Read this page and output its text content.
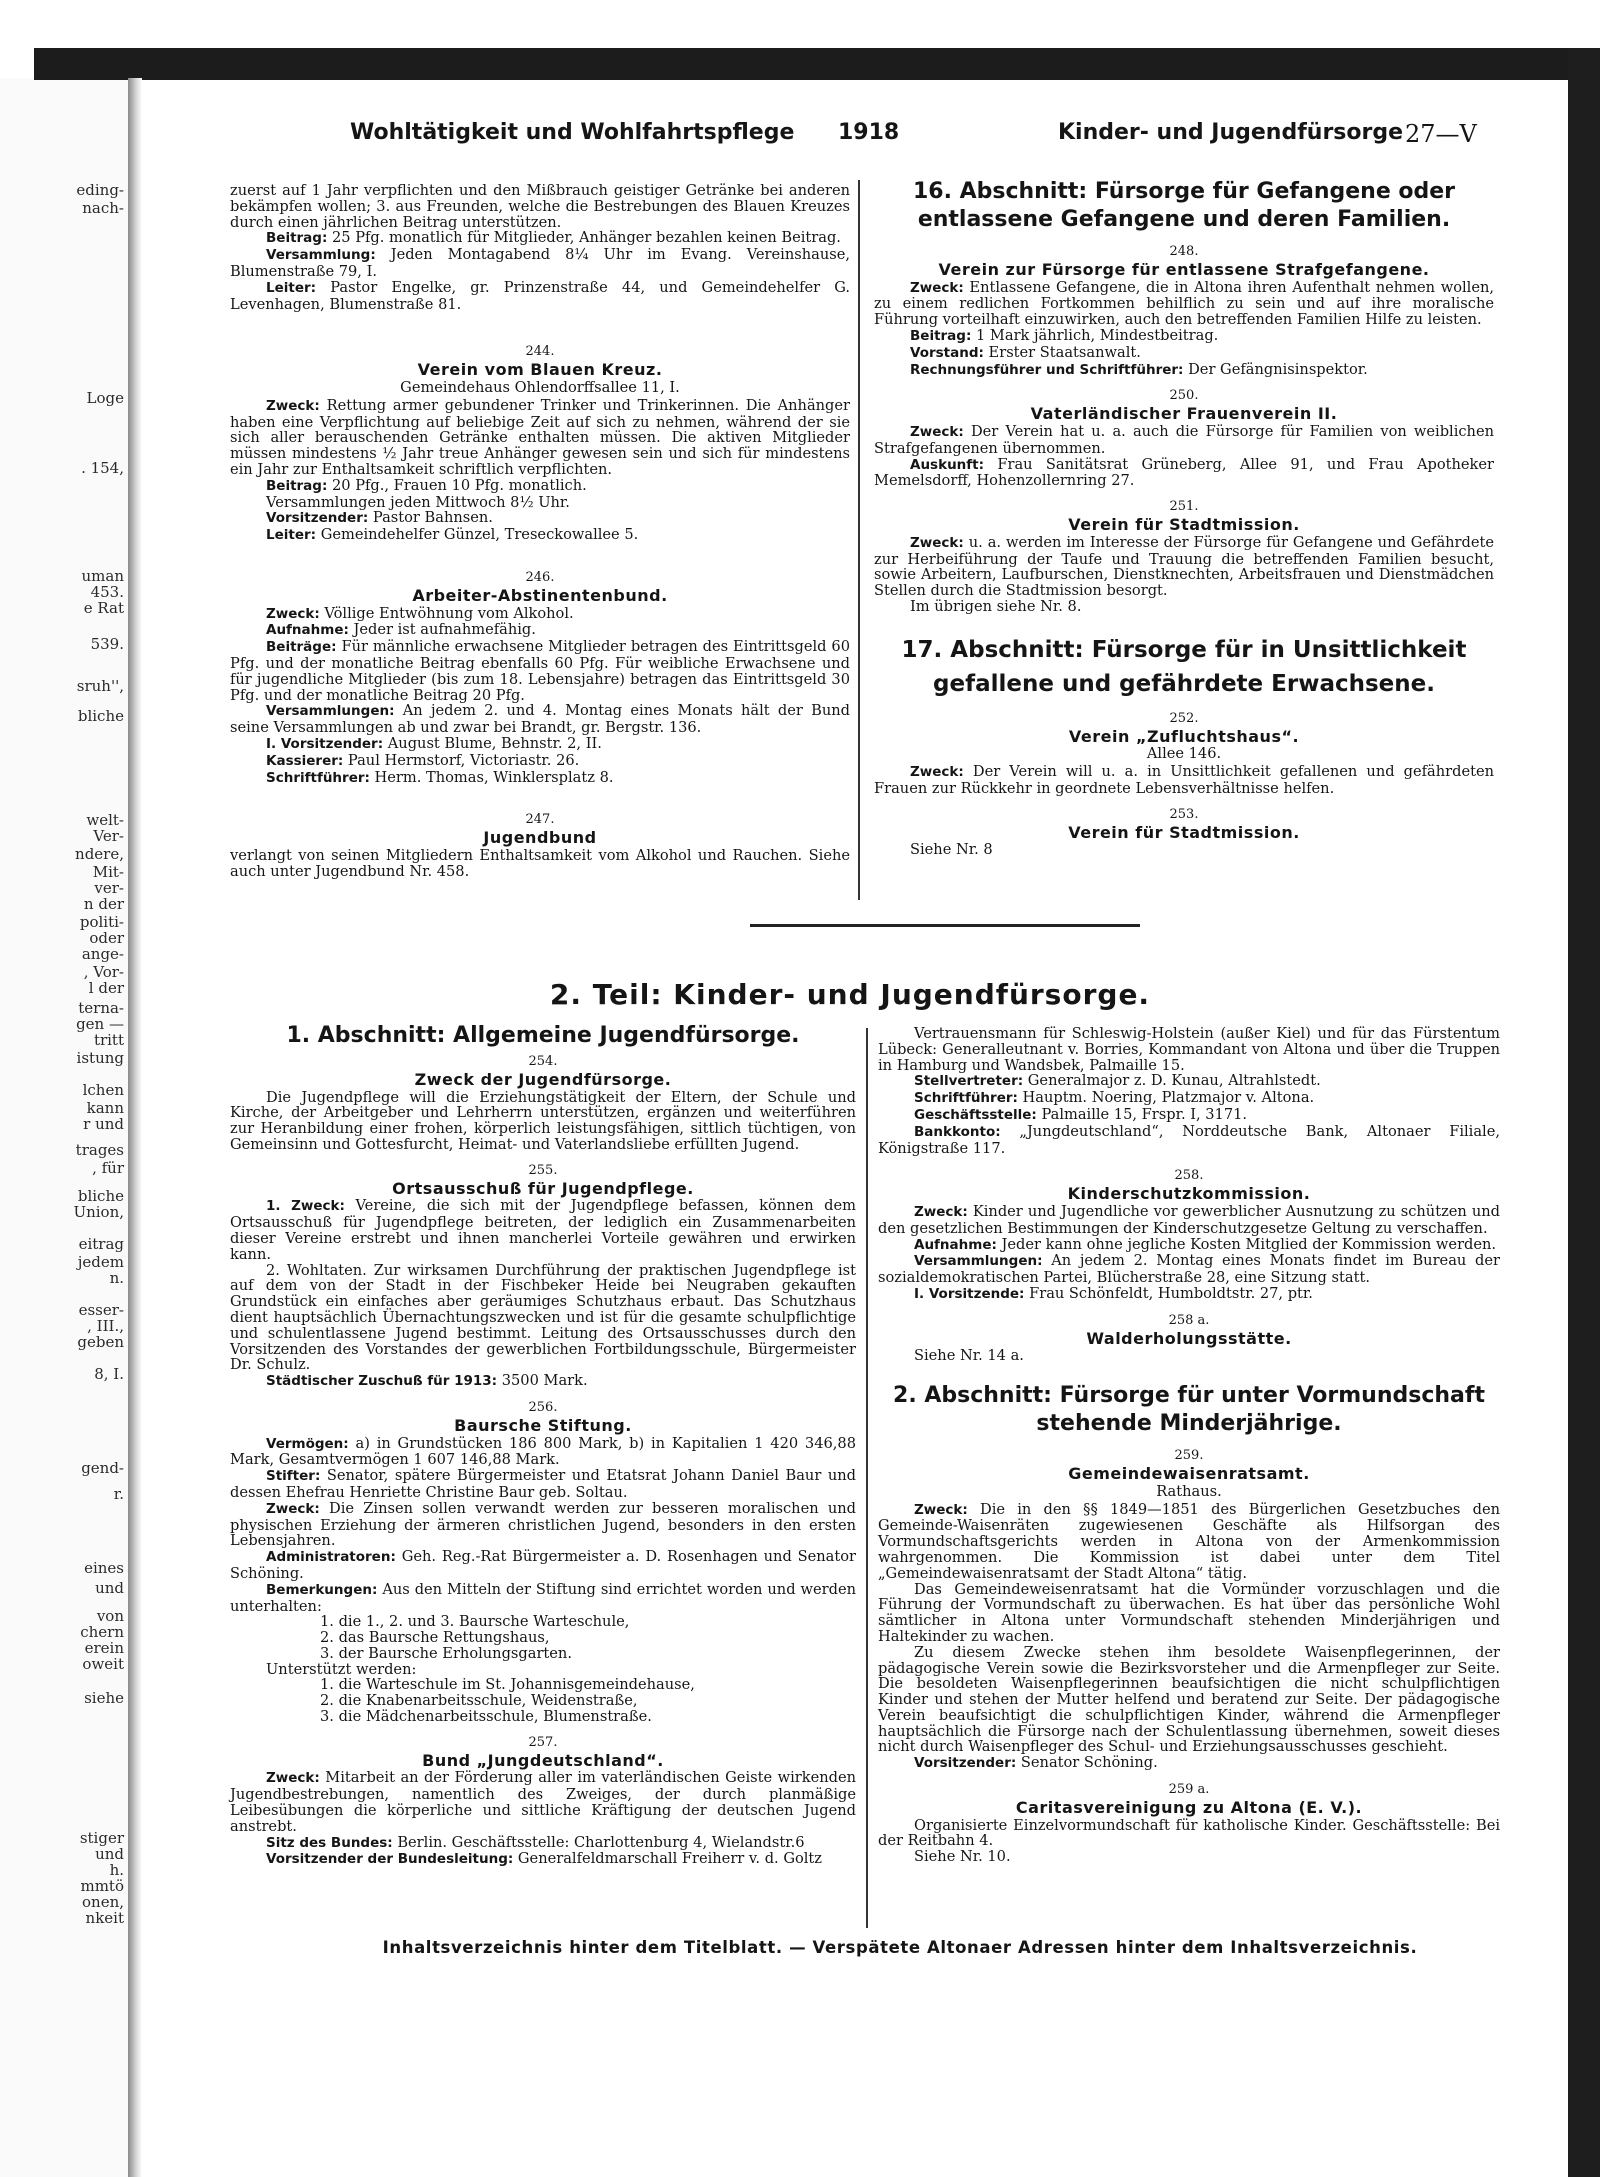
eding-
nach-
Loge
. 154,
uman
453.
e Rat
539.
sruh'',
bliche
welt-
Ver-
ndere,
Mit-
ver-
n der
politi-
oder
ange-
, Vor-
l der
terna-
gen —
tritt
istung
lchen
kann
r und
trages
, für
bliche
Union,
eitrag
jedem
n.
esser-
, III.,
geben
8, I.
gend-
r.
eines
und
von
chern
erein
oweit
siehe
stiger
und
h.
mmtö
onen,
nkeit
Wohltätigkeit und Wohlfahrtspflege 1918	Kinder- und Jugendfürsorge 27—V

zuerst auf 1 Jahr verpflichten und den Mißbrauch geistiger Getränke bei anderen bekämpfen wollen; 3. aus Freunden, welche die Bestrebungen des Blauen Kreuzes durch einen jährlichen Beitrag unterstützen.

Beitrag: 25 Pfg. monatlich für Mitglieder, Anhänger bezahlen keinen Beitrag.

Versammlung: Jeden Montagabend 8¼ Uhr im Evang. Vereinshause, Blumenstraße 79, I.

Leiter: Pastor Engelke, gr. Prinzenstraße 44, und Gemeindehelfer G. Levenhagen, Blumenstraße 81.

244.
Verein vom Blauen Kreuz.
Gemeindehaus Ohlendorffsallee 11, I.

Zweck: Rettung armer gebundener Trinker und Trinkerinnen. Die Anhänger haben eine Verpflichtung auf beliebige Zeit auf sich zu nehmen, während der sie sich aller berauschenden Getränke enthalten müssen. Die aktiven Mitglieder müssen mindestens ½ Jahr treue Anhänger gewesen sein und sich für mindestens ein Jahr zur Enthaltsamkeit schriftlich verpflichten.

Beitrag: 20 Pfg., Frauen 10 Pfg. monatlich.

Versammlungen jeden Mittwoch 8½ Uhr.

Vorsitzender: Pastor Bahnsen.

Leiter: Gemeindehelfer Günzel, Treseckowallee 5.

246.
Arbeiter-Abstinentenbund.

Zweck: Völlige Entwöhnung vom Alkohol.

Aufnahme: Jeder ist aufnahmefähig.

Beiträge: Für männliche erwachsene Mitglieder betragen des Eintrittsgeld 60 Pfg. und der monatliche Beitrag ebenfalls 60 Pfg. Für weibliche Erwachsene und für jugendliche Mitglieder (bis zum 18. Lebensjahre) betragen das Eintrittsgeld 30 Pfg. und der monatliche Beitrag 20 Pfg.

Versammlungen: An jedem 2. und 4. Montag eines Monats hält der Bund seine Versammlungen ab und zwar bei Brandt, gr. Bergstr. 136.

I. Vorsitzender: August Blume, Behnstr. 2, II.

Kassierer: Paul Hermstorf, Victoriastr. 26.

Schriftführer: Herm. Thomas, Winklersplatz 8.

247.
Jugendbund

verlangt von seinen Mitgliedern Enthaltsamkeit vom Alkohol und Rauchen. Siehe auch unter Jugendbund Nr. 458.

16. Abschnitt: Fürsorge für Gefangene oder entlassene Gefangene und deren Familien.
248.
Verein zur Fürsorge für entlassene Strafgefangene.

Zweck: Entlassene Gefangene, die in Altona ihren Aufenthalt nehmen wollen, zu einem redlichen Fortkommen behilflich zu sein und auf ihre moralische Führung vorteilhaft einzuwirken, auch den betreffenden Familien Hilfe zu leisten.

Beitrag: 1 Mark jährlich, Mindestbeitrag.

Vorstand: Erster Staatsanwalt.

Rechnungsführer und Schriftführer: Der Gefängnisinspektor.

250.
Vaterländischer Frauenverein II.

Zweck: Der Verein hat u. a. auch die Fürsorge für Familien von weiblichen Strafgefangenen übernommen.

Auskunft: Frau Sanitätsrat Grüneberg, Allee 91, und Frau Apotheker Memelsdorff, Hohenzollernring 27.

251.
Verein für Stadtmission.

Zweck: u. a. werden im Interesse der Fürsorge für Gefangene und Gefährdete zur Herbeiführung der Taufe und Trauung die betreffenden Familien besucht, sowie Arbeitern, Laufburschen, Dienstknechten, Arbeitsfrauen und Dienstmädchen Stellen durch die Stadtmission besorgt.

Im übrigen siehe Nr. 8.

17. Abschnitt: Fürsorge für in Unsittlichkeit gefallene und gefährdete Erwachsene.
252.
Verein „Zufluchtshaus“.
Allee 146.

Zweck: Der Verein will u. a. in Unsittlichkeit gefallenen und gefährdeten Frauen zur Rückkehr in geordnete Lebensverhältnisse helfen.

253.
Verein für Stadtmission.

Siehe Nr. 8

2. Teil: Kinder- und Jugendfürsorge.
1. Abschnitt: Allgemeine Jugendfürsorge.
254.
Zweck der Jugendfürsorge.

Die Jugendpflege will die Erziehungstätigkeit der Eltern, der Schule und Kirche, der Arbeitgeber und Lehrherrn unterstützen, ergänzen und weiterführen zur Heranbildung einer frohen, körperlich leistungsfähigen, sittlich tüchtigen, von Gemeinsinn und Gottesfurcht, Heimat- und Vaterlandsliebe erfüllten Jugend.

255.
Ortsausschuß für Jugendpflege.

1. Zweck: Vereine, die sich mit der Jugendpflege befassen, können dem Ortsausschuß für Jugendpflege beitreten, der lediglich ein Zusammenarbeiten dieser Vereine erstrebt und ihnen mancherlei Vorteile gewähren und erwirken kann.

2. Wohltaten. Zur wirksamen Durchführung der praktischen Jugendpflege ist auf dem von der Stadt in der Fischbeker Heide bei Neugraben gekauften Grundstück ein einfaches aber geräumiges Schutzhaus erbaut. Das Schutzhaus dient hauptsächlich Übernachtungszwecken und ist für die gesamte schulpflichtige und schulentlassene Jugend bestimmt. Leitung des Ortsausschusses durch den Vorsitzenden des Vorstandes der gewerblichen Fortbildungsschule, Bürgermeister Dr. Schulz.

Städtischer Zuschuß für 1913: 3500 Mark.

256.
Baursche Stiftung.

Vermögen: a) in Grundstücken 186 800 Mark, b) in Kapitalien 1 420 346,88 Mark, Gesamtvermögen 1 607 146,88 Mark.

Stifter: Senator, spätere Bürgermeister und Etatsrat Johann Daniel Baur und dessen Ehefrau Henriette Christine Baur geb. Soltau.

Zweck: Die Zinsen sollen verwandt werden zur besseren moralischen und physischen Erziehung der ärmeren christlichen Jugend, besonders in den ersten Lebensjahren.

Administratoren: Geh. Reg.-Rat Bürgermeister a. D. Rosenhagen und Senator Schöning.

Bemerkungen: Aus den Mitteln der Stiftung sind errichtet worden und werden unterhalten:

1. die 1., 2. und 3. Baursche Warteschule,

2. das Baursche Rettungshaus,

3. der Baursche Erholungsgarten.

Unterstützt werden:

1. die Warteschule im St. Johannisgemeindehause,

2. die Knabenarbeitsschule, Weidenstraße,

3. die Mädchenarbeitsschule, Blumenstraße.

257.
Bund „Jungdeutschland“.

Zweck: Mitarbeit an der Förderung aller im vaterländischen Geiste wirkenden Jugendbestrebungen, namentlich des Zweiges, der durch planmäßige Leibesübungen die körperliche und sittliche Kräftigung der deutschen Jugend anstrebt.

Sitz des Bundes: Berlin. Geschäftsstelle: Charlottenburg 4, Wielandstr.6

Vorsitzender der Bundesleitung: Generalfeldmarschall Freiherr v. d. Goltz

Vertrauensmann für Schleswig-Holstein (außer Kiel) und für das Fürstentum Lübeck: Generalleutnant v. Borries, Kommandant von Altona und über die Truppen in Hamburg und Wandsbek, Palmaille 15.

Stellvertreter: Generalmajor z. D. Kunau, Altrahlstedt.

Schriftführer: Hauptm. Noering, Platzmajor v. Altona.

Geschäftsstelle: Palmaille 15, Frspr. I, 3171.

Bankkonto: „Jungdeutschland“, Norddeutsche Bank, Altonaer Filiale, Königstraße 117.

258.
Kinderschutzkommission.

Zweck: Kinder und Jugendliche vor gewerblicher Ausnutzung zu schützen und den gesetzlichen Bestimmungen der Kinderschutzgesetze Geltung zu verschaffen.

Aufnahme: Jeder kann ohne jegliche Kosten Mitglied der Kommission werden.

Versammlungen: An jedem 2. Montag eines Monats findet im Bureau der sozialdemokratischen Partei, Blücherstraße 28, eine Sitzung statt.

I. Vorsitzende: Frau Schönfeldt, Humboldtstr. 27, ptr.

258 a.
Walderholungsstätte.

Siehe Nr. 14 a.

2. Abschnitt: Fürsorge für unter Vormundschaft stehende Minderjährige.
259.
Gemeindewaisenratsamt.
Rathaus.

Zweck: Die in den §§ 1849—1851 des Bürgerlichen Gesetzbuches den Gemeinde-Waisenräten zugewiesenen Geschäfte als Hilfsorgan des Vormundschaftsgerichts werden in Altona von der Armenkommission wahrgenommen. Die Kommission ist dabei unter dem Titel „Gemeindewaisenratsamt der Stadt Altona“ tätig.

Das Gemeindeweisenratsamt hat die Vormünder vorzuschlagen und die Führung der Vormundschaft zu überwachen. Es hat über das persönliche Wohl sämtlicher in Altona unter Vormundschaft stehenden Minderjährigen und Haltekinder zu wachen.

Zu diesem Zwecke stehen ihm besoldete Waisenpflegerinnen, der pädagogische Verein sowie die Bezirksvorsteher und die Armenpfleger zur Seite. Die besoldeten Waisenpflegerinnen beaufsichtigen die nicht schulpflichtigen Kinder und stehen der Mutter helfend und beratend zur Seite. Der pädagogische Verein beaufsichtigt die schulpflichtigen Kinder, während die Armenpfleger hauptsächlich die Fürsorge nach der Schulentlassung übernehmen, soweit dieses nicht durch Waisenpfleger des Schul- und Erziehungsausschusses geschieht.

Vorsitzender: Senator Schöning.

259 a.
Caritasvereinigung zu Altona (E. V.).

Organisierte Einzelvormundschaft für katholische Kinder. Geschäftsstelle: Bei der Reitbahn 4.

Siehe Nr. 10.

Inhaltsverzeichnis hinter dem Titelblatt. — Verspätete Altonaer Adressen hinter dem Inhaltsverzeichnis.
